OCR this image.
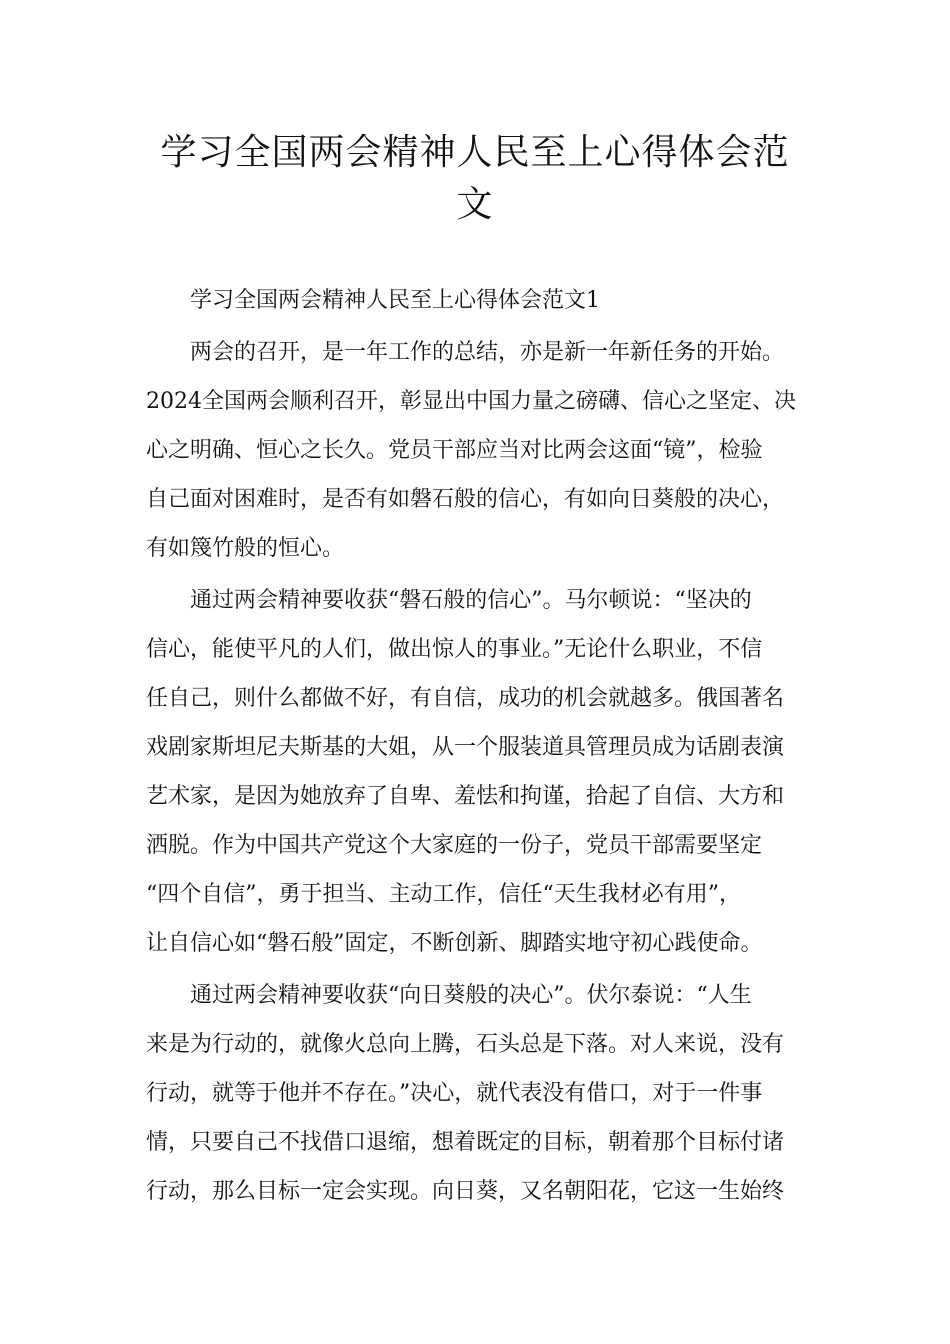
学习全国两会精神人民至上心得体会范
文

学习全国两会精神人民至上心得体会范文1

两会的召开，是一年工作的总结，亦是新一年新任务的开始。

2024全国两会顺利召开，彰显出中国力量之磅礴、信心之坚定、决

心之明确、恒心之长久。党员干部应当对比两会这面“镜”，检验

自己面对困难时，是否有如磐石般的信心，有如向日葵般的决心，

有如篾竹般的恒心。

通过两会精神要收获“磐石般的信心”。马尔顿说：“坚决的

信心，能使平凡的人们，做出惊人的事业。”无论什么职业，不信

任自己，则什么都做不好，有自信，成功的机会就越多。俄国著名

戏剧家斯坦尼夫斯基的大姐，从一个服装道具管理员成为话剧表演

艺术家，是因为她放弃了自卑、羞怯和拘谨，拾起了自信、大方和

洒脱。作为中国共产党这个大家庭的一份子，党员干部需要坚定

“四个自信”，勇于担当、主动工作，信任“天生我材必有用”，

让自信心如“磐石般”固定，不断创新、脚踏实地守初心践使命。

通过两会精神要收获“向日葵般的决心”。伏尔泰说：“人生

来是为行动的，就像火总向上腾，石头总是下落。对人来说，没有

行动，就等于他并不存在。”决心，就代表没有借口，对于一件事

情，只要自己不找借口退缩，想着既定的目标，朝着那个目标付诸

行动，那么目标一定会实现。向日葵，又名朝阳花，它这一生始终
